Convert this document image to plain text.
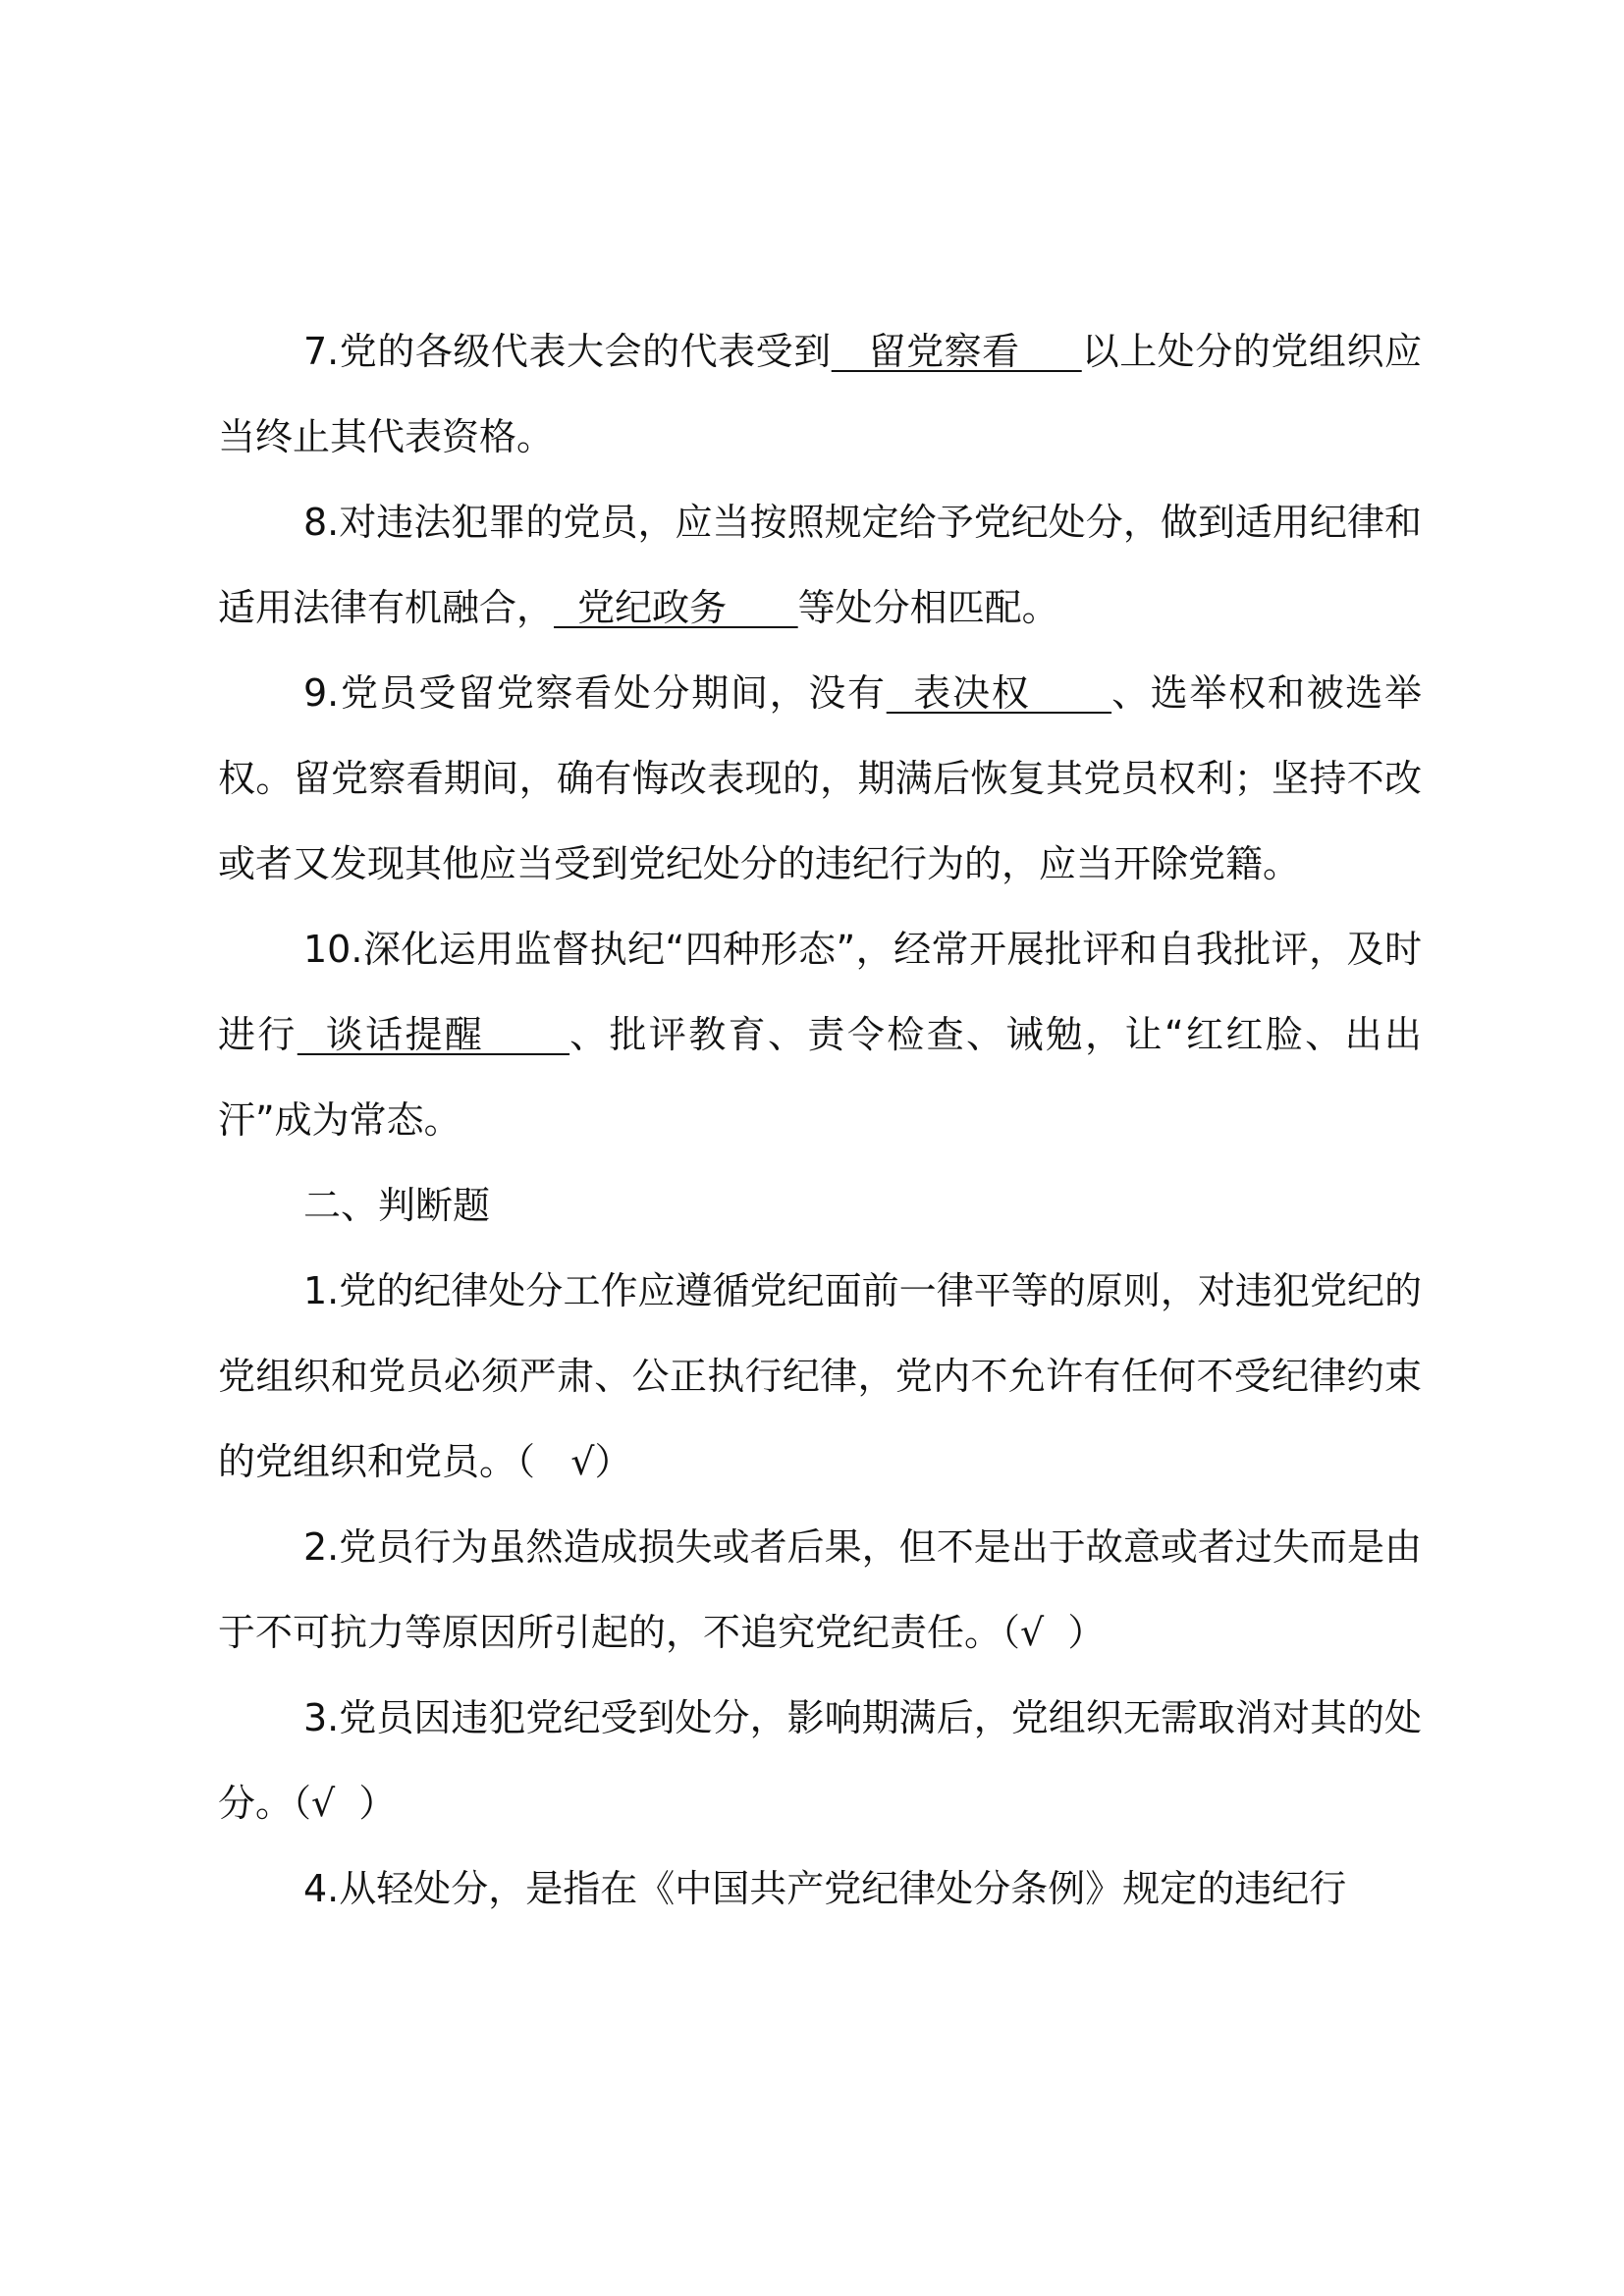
7.党的各级代表大会的代表受到   留党察看     以上处分的党组织应当终止其代表资格。

8.对违法犯罪的党员，应当按照规定给予党纪处分，做到适用纪律和适用法律有机融合，  党纪政务      等处分相匹配。

9.党员受留党察看处分期间，没有  表决权      、选举权和被选举权。留党察看期间，确有悔改表现的，期满后恢复其党员权利；坚持不改或者又发现其他应当受到党纪处分的违纪行为的，应当开除党籍。

10.深化运用监督执纪“四种形态”，经常开展批评和自我批评，及时进行  谈话提醒      、批评教育、责令检查、诫勉，让“红红脸、出出汗”成为常态。

二、判断题

1.党的纪律处分工作应遵循党纪面前一律平等的原则，对违犯党纪的党组织和党员必须严肃、公正执行纪律，党内不允许有任何不受纪律约束的党组织和党员。（   √）

2.党员行为虽然造成损失或者后果，但不是出于故意或者过失而是由于不可抗力等原因所引起的，不追究党纪责任。（√  ）

3.党员因违犯党纪受到处分，影响期满后，党组织无需取消对其的处分。（√  ）

4.从轻处分，是指在《中国共产党纪律处分条例》规定的违纪行
